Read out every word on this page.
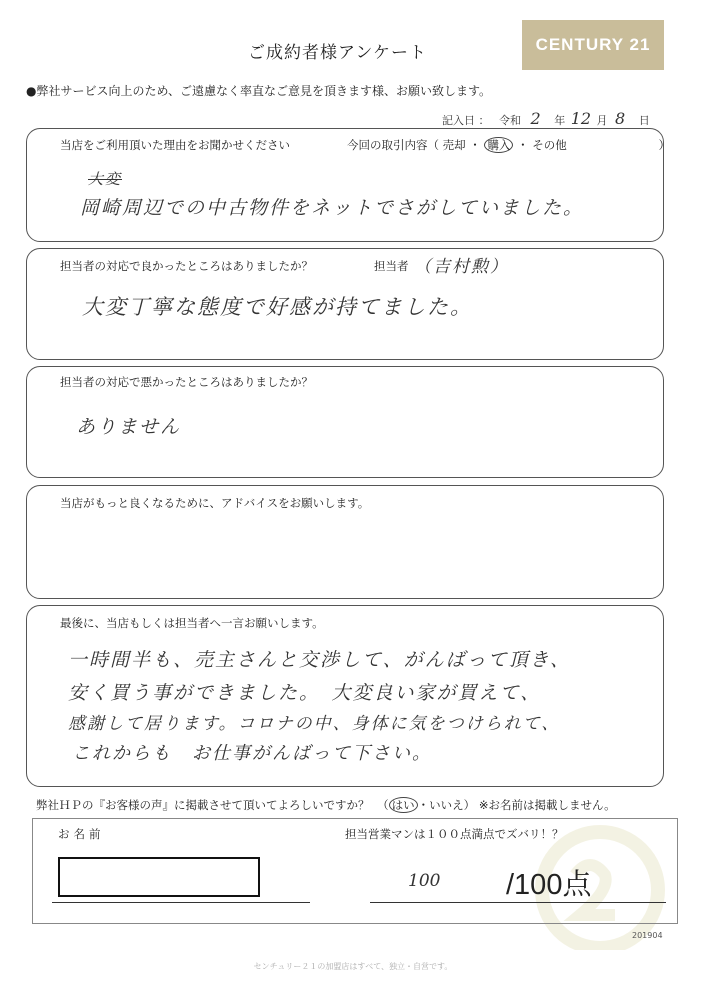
ご成約者様アンケート	CENTURY 21
●弊社サービス向上のため、ご遠慮なく率直なご意見を頂きます様、お願い致します。
記入日 ： 令和 2 年 12 月 8 日
当店をご利用頂いた理由をお聞かせください	今回の取引内容（ 売却 ・ 購入 ・ その他	）
大変
岡崎周辺での中古物件をネットでさがしていました。
担当者の対応で良かったところはありましたか？	担当者 （吉村勲）
大変丁寧な態度で好感が持てました。
担当者の対応で悪かったところはありましたか？
ありません
当店がもっと良くなるために、アドバイスをお願いします。
最後に、当店もしくは担当者へ一言お願いします。
一時間半も、売主さんと交渉して、がんばって頂き、
安く買う事ができました。　大変良い家が買えて、
感謝して居ります。コロナの中、身体に気をつけられて、
これからも　お仕事がんばって下さい。
弊社ＨＰの『お客様の声』に掲載させて頂いてよろしいですか？ （ はい ・いいえ） ※お名前は掲載しません。
お名前	担当営業マンは１００点満点でズバリ！？
100 /100点
201904
センチュリー２１の加盟店はすべて、独立・自営です。
